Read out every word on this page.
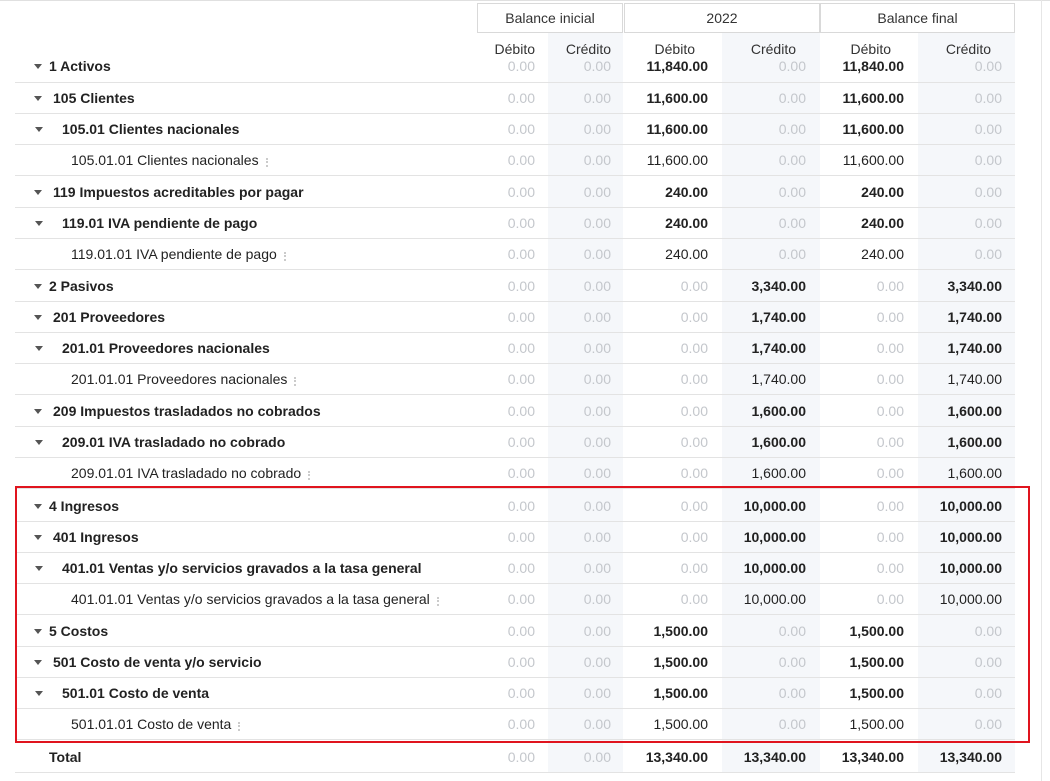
Balance inicial	2022	Balance final
Débito	Crédito	Débito	Crédito	Débito	Crédito
1 Activos	0.00	0.00	11,840.00	0.00	11,840.00	0.00
105 Clientes	0.00	0.00	11,600.00	0.00	11,600.00	0.00
105.01 Clientes nacionales	0.00	0.00	11,600.00	0.00	11,600.00	0.00
105.01.01 Clientes nacionales	0.00	0.00	11,600.00	0.00	11,600.00	0.00
119 Impuestos acreditables por pagar	0.00	0.00	240.00	0.00	240.00	0.00
119.01 IVA pendiente de pago	0.00	0.00	240.00	0.00	240.00	0.00
119.01.01 IVA pendiente de pago	0.00	0.00	240.00	0.00	240.00	0.00
2 Pasivos	0.00	0.00	0.00	3,340.00	0.00	3,340.00
201 Proveedores	0.00	0.00	0.00	1,740.00	0.00	1,740.00
201.01 Proveedores nacionales	0.00	0.00	0.00	1,740.00	0.00	1,740.00
201.01.01 Proveedores nacionales	0.00	0.00	0.00	1,740.00	0.00	1,740.00
209 Impuestos trasladados no cobrados	0.00	0.00	0.00	1,600.00	0.00	1,600.00
209.01 IVA trasladado no cobrado	0.00	0.00	0.00	1,600.00	0.00	1,600.00
209.01.01 IVA trasladado no cobrado	0.00	0.00	0.00	1,600.00	0.00	1,600.00
4 Ingresos	0.00	0.00	0.00	10,000.00	0.00	10,000.00
401 Ingresos	0.00	0.00	0.00	10,000.00	0.00	10,000.00
401.01 Ventas y/o servicios gravados a la tasa general	0.00	0.00	0.00	10,000.00	0.00	10,000.00
401.01.01 Ventas y/o servicios gravados a la tasa general	0.00	0.00	0.00	10,000.00	0.00	10,000.00
5 Costos	0.00	0.00	1,500.00	0.00	1,500.00	0.00
501 Costo de venta y/o servicio	0.00	0.00	1,500.00	0.00	1,500.00	0.00
501.01 Costo de venta	0.00	0.00	1,500.00	0.00	1,500.00	0.00
501.01.01 Costo de venta	0.00	0.00	1,500.00	0.00	1,500.00	0.00
Total	0.00	0.00	13,340.00	13,340.00	13,340.00	13,340.00
